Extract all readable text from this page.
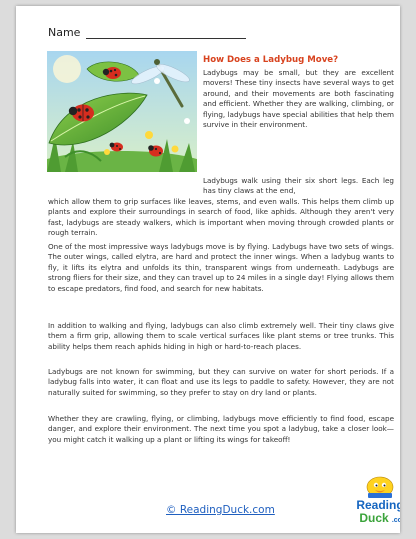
Name
How Does a Ladybug Move?

Ladybugs may be small, but they are excellent movers! These tiny insects have several ways to get around, and their movements are both fascinating and efficient. Whether they are walking, climbing, or flying, ladybugs have special abilities that help them survive in their environment.

Ladybugs walk using their six short legs. Each leg has tiny claws at the end,

which allow them to grip surfaces like leaves, stems, and even walls. This helps them climb up plants and explore their surroundings in search of food, like aphids. Although they aren't very fast, ladybugs are steady walkers, which is important when moving through crowded plants or rough terrain.

One of the most impressive ways ladybugs move is by flying. Ladybugs have two sets of wings. The outer wings, called elytra, are hard and protect the inner wings. When a ladybug wants to fly, it lifts its elytra and unfolds its thin, transparent wings from underneath. Ladybugs are strong fliers for their size, and they can travel up to 24 miles in a single day! Flying allows them to escape predators, find food, and search for new habitats.

In addition to walking and flying, ladybugs can also climb extremely well. Their tiny claws give them a firm grip, allowing them to scale vertical surfaces like plant stems or tree trunks. This ability helps them reach aphids hiding in high or hard-to-reach places.

Ladybugs are not known for swimming, but they can survive on water for short periods. If a ladybug falls into water, it can float and use its legs to paddle to safety. However, they are not naturally suited for swimming, so they prefer to stay on dry land or plants.

Whether they are crawling, flying, or climbing, ladybugs move efficiently to find food, escape danger, and explore their environment. The next time you spot a ladybug, take a closer look—you might catch it walking up a plant or lifting its wings for takeoff!

© ReadingDuck.com	Reading
Duck .com
